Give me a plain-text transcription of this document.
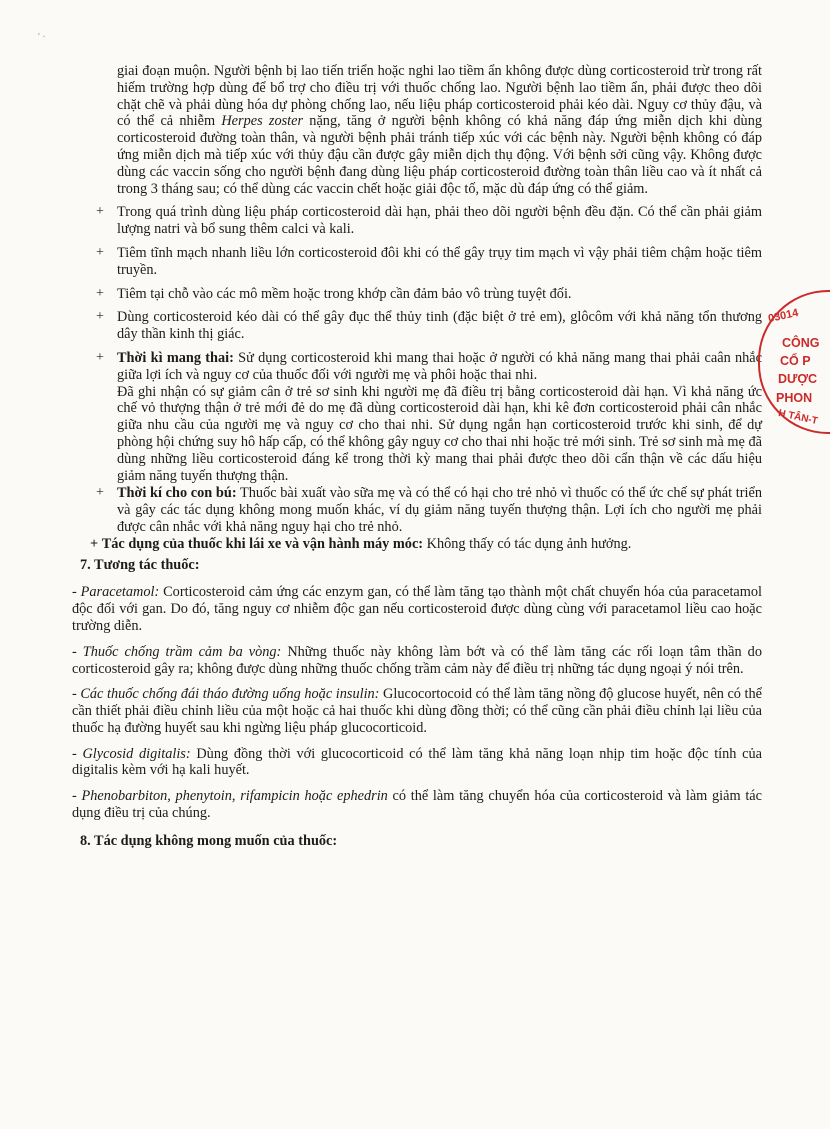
' ·

giai đoạn muộn. Người bệnh bị lao tiến triển hoặc nghi lao tiềm ẩn không được dùng corticosteroid trừ trong rất hiếm trường hợp dùng để bổ trợ cho điều trị với thuốc chống lao. Người bệnh lao tiềm ẩn, phải được theo dõi chặt chẽ và phải dùng hóa dự phòng chống lao, nếu liệu pháp corticosteroid phải kéo dài. Nguy cơ thủy đậu, và có thể cả nhiễm Herpes zoster nặng, tăng ở người bệnh không có khả năng đáp ứng miễn dịch khi dùng corticosteroid đường toàn thân, và người bệnh phải tránh tiếp xúc với các bệnh này. Người bệnh không có đáp ứng miễn dịch mà tiếp xúc với thủy đậu cần được gây miễn dịch thụ động. Với bệnh sởi cũng vậy. Không được dùng các vaccin sống cho người bệnh đang dùng liệu pháp corticosteroid đường toàn thân liều cao và ít nhất cả trong 3 tháng sau; có thể dùng các vaccin chết hoặc giải độc tố, mặc dù đáp ứng có thể giảm.

+ Trong quá trình dùng liệu pháp corticosteroid dài hạn, phải theo dõi người bệnh đều đặn. Có thể cần phải giảm lượng natri và bổ sung thêm calci và kali.
+ Tiêm tĩnh mạch nhanh liều lớn corticosteroid đôi khi có thể gây trụy tim mạch vì vậy phải tiêm chậm hoặc tiêm truyền.
+ Tiêm tại chỗ vào các mô mềm hoặc trong khớp cần đảm bảo vô trùng tuyệt đối.
+ Dùng corticosteroid kéo dài có thể gây đục thể thủy tinh (đặc biệt ở trẻ em), glôcôm với khả năng tổn thương dây thần kinh thị giác.
+ Thời kì mang thai: Sử dụng corticosteroid khi mang thai hoặc ở người có khả năng mang thai phải caân nhắc giữa lợi ích và nguy cơ của thuốc đối với người mẹ và phôi hoặc thai nhi.

Đã ghi nhận có sự giảm cân ở trẻ sơ sinh khi người mẹ đã điều trị bằng corticosteroid dài hạn. Vì khả năng ức chế vỏ thượng thận ở trẻ mới đẻ do mẹ đã dùng corticosteroid dài hạn, khi kê đơn corticosteroid phải cân nhắc giữa nhu cầu của người mẹ và nguy cơ cho thai nhi. Sử dụng ngắn hạn corticosteroid trước khi sinh, để dự phòng hội chứng suy hô hấp cấp, có thể không gây nguy cơ cho thai nhi hoặc trẻ mới sinh. Trẻ sơ sinh mà mẹ đã dùng những liều corticosteroid đáng kể trong thời kỳ mang thai phải được theo dõi cẩn thận về các dấu hiệu giảm năng tuyến thượng thận.

+ Thời kí cho con bú: Thuốc bài xuất vào sữa mẹ và có thể có hại cho trẻ nhỏ vì thuốc có thể ức chế sự phát triển và gây các tác dụng không mong muốn khác, ví dụ giảm năng tuyến thượng thận. Lợi ích cho người mẹ phải được cân nhắc với khả năng nguy hại cho trẻ nhỏ.

+ Tác dụng của thuốc khi lái xe và vận hành máy móc: Không thấy có tác dụng ảnh hưởng.

7. Tương tác thuốc:

- Paracetamol: Corticosteroid cảm ứng các enzym gan, có thể làm tăng tạo thành một chất chuyển hóa của paracetamol độc đối với gan. Do đó, tăng nguy cơ nhiễm độc gan nếu corticosteroid được dùng cùng với paracetamol liều cao hoặc trường diễn.

- Thuốc chống trầm cảm ba vòng: Những thuốc này không làm bớt và có thể làm tăng các rối loạn tâm thần do corticosteroid gây ra; không được dùng những thuốc chống trầm cảm này để điều trị những tác dụng ngoại ý nói trên.

- Các thuốc chống đái tháo đường uống hoặc insulin: Glucocortocoid có thể làm tăng nồng độ glucose huyết, nên có thể cần thiết phải điều chỉnh liều của một hoặc cả hai thuốc khi dùng đồng thời; có thể cũng cần phải điều chỉnh lại liều của thuốc hạ đường huyết sau khi ngừng liệu pháp glucocorticoid.

- Glycosid digitalis: Dùng đồng thời với glucocorticoid có thể làm tăng khả năng loạn nhịp tim hoặc độc tính của digitalis kèm với hạ kali huyết.

- Phenobarbiton, phenytoin, rifampicin hoặc ephedrin có thể làm tăng chuyển hóa của corticosteroid và làm giảm tác dụng điều trị của chúng.

8. Tác dụng không mong muốn của thuốc:

03014
CÔNG
CỔ P
DƯỢC
PHON
H TÂN-T
